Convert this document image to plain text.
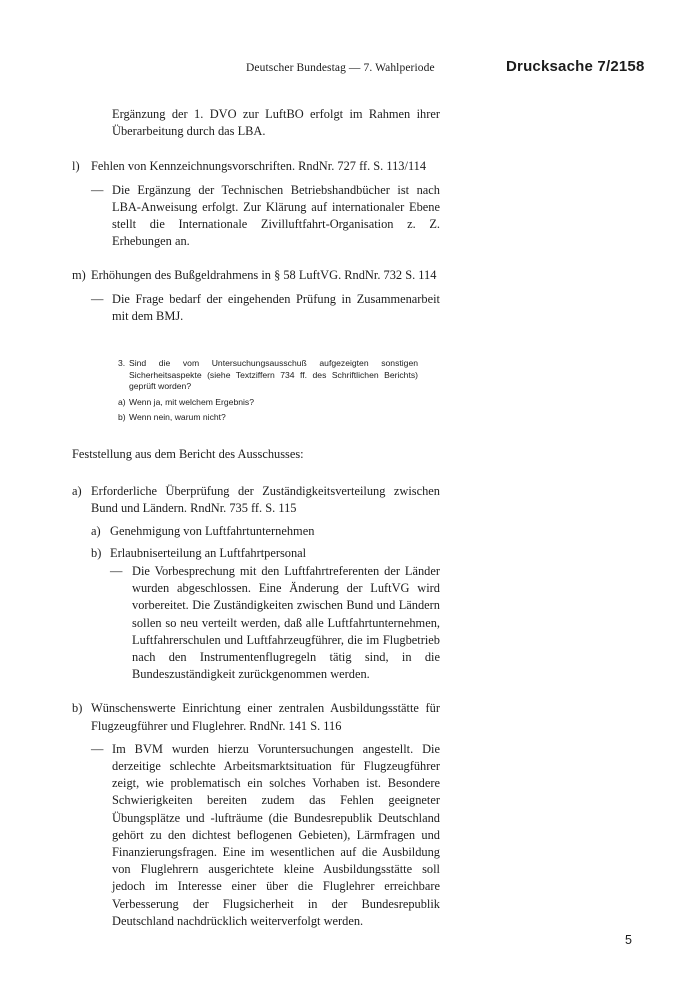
Deutscher Bundestag — 7. Wahlperiode	Drucksache 7/2158

Ergänzung der 1. DVO zur LuftBO erfolgt im Rahmen ihrer Überarbeitung durch das LBA.

l) Fehlen von Kennzeichnungsvorschriften. RndNr. 727 ff. S. 113/114

— Die Ergänzung der Technischen Betriebshandbücher ist nach LBA-Anweisung erfolgt. Zur Klärung auf internationaler Ebene stellt die Internationale Zivilluftfahrt-Organisation z. Z. Erhebungen an.

m) Erhöhungen des Bußgeldrahmens in § 58 LuftVG. RndNr. 732 S. 114

— Die Frage bedarf der eingehenden Prüfung in Zusammenarbeit mit dem BMJ.

3. Sind die vom Untersuchungsausschuß aufgezeigten sonstigen Sicherheitsaspekte (siehe Textziffern 734 ff. des Schriftlichen Berichts) geprüft worden?

a) Wenn ja, mit welchem Ergebnis?

b) Wenn nein, warum nicht?

Feststellung aus dem Bericht des Ausschusses:

a) Erforderliche Überprüfung der Zuständigkeitsverteilung zwischen Bund und Ländern. RndNr. 735 ff. S. 115

a) Genehmigung von Luftfahrtunternehmen

b) Erlaubniserteilung an Luftfahrtpersonal

— Die Vorbesprechung mit den Luftfahrtreferenten der Länder wurden abgeschlossen. Eine Änderung der LuftVG wird vorbereitet. Die Zuständigkeiten zwischen Bund und Ländern sollen so neu verteilt werden, daß alle Luftfahrtunternehmen, Luftfahrerschulen und Luftfahrzeugführer, die im Flugbetrieb nach den Instrumentenflugregeln tätig sind, in die Bundeszuständigkeit zurückgenommen werden.

b) Wünschenswerte Einrichtung einer zentralen Ausbildungsstätte für Flugzeugführer und Fluglehrer. RndNr. 141 S. 116

— Im BVM wurden hierzu Voruntersuchungen angestellt. Die derzeitige schlechte Arbeitsmarktsituation für Flugzeugführer zeigt, wie problematisch ein solches Vorhaben ist. Besondere Schwierigkeiten bereiten zudem das Fehlen geeigneter Übungsplätze und -lufträume (die Bundesrepublik Deutschland gehört zu den dichtest beflogenen Gebieten), Lärmfragen und Finanzierungsfragen. Eine im wesentlichen auf die Ausbildung von Fluglehrern ausgerichtete kleine Ausbildungsstätte soll jedoch im Interesse einer über die Fluglehrer erreichbare Verbesserung der Flugsicherheit in der Bundesrepublik Deutschland nachdrücklich weiterverfolgt werden.

5
